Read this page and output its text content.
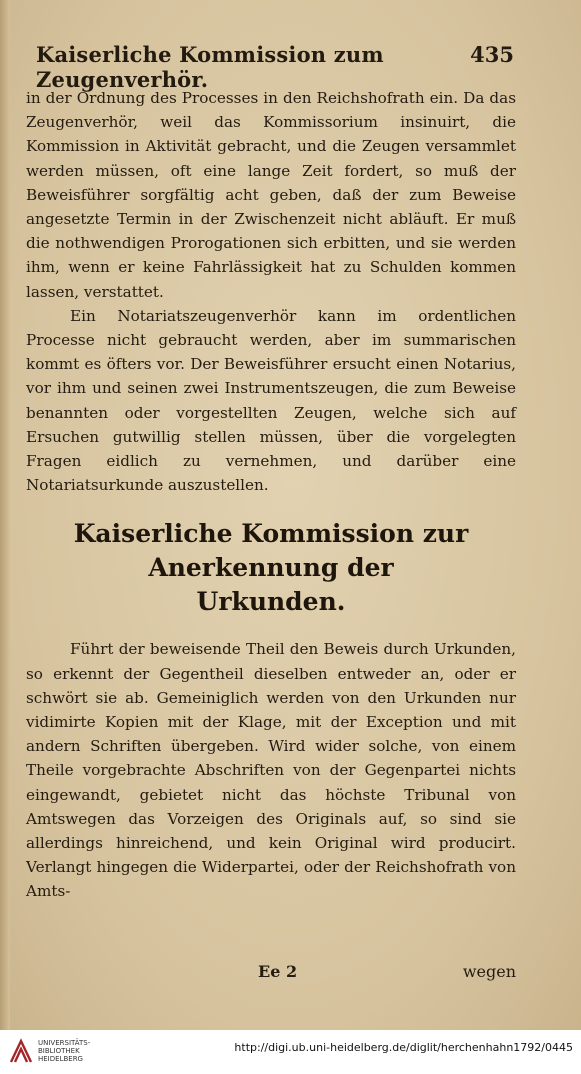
Kaiserliche Kommission zum Zeugenverhör.
435

in der Ordnung des Processes in den Reichshofrath ein. Da das Zeugenverhör, weil das Kommissorium insinuirt, die Kommission in Aktivität gebracht, und die Zeugen versammlet werden müssen, oft eine lange Zeit fordert, so muß der Beweisführer sorgfältig acht geben, daß der zum Beweise angesetzte Termin in der Zwischenzeit nicht abläuft. Er muß die nothwendigen Prorogationen sich erbitten, und sie werden ihm, wenn er keine Fahrlässigkeit hat zu Schulden kommen lassen, verstattet.

Ein Notariatszeugenverhör kann im ordentlichen Processe nicht gebraucht werden, aber im summarischen kommt es öfters vor. Der Beweisführer ersucht einen Notarius, vor ihm und seinen zwei Instrumentszeugen, die zum Beweise benannten oder vorgestellten Zeugen, welche sich auf Ersuchen gutwillig stellen müssen, über die vorgelegten Fragen eidlich zu vernehmen, und darüber eine Notariatsurkunde auszustellen.

Kaiserliche Kommission zur Anerkennung der
Urkunden.

Führt der beweisende Theil den Beweis durch Urkunden, so erkennt der Gegentheil dieselben entweder an, oder er schwört sie ab. Gemeiniglich werden von den Urkunden nur vidimirte Kopien mit der Klage, mit der Exception und mit andern Schriften übergeben. Wird wider solche, von einem Theile vorgebrachte Abschriften von der Gegenpartei nichts eingewandt, gebietet nicht das höchste Tribunal von Amtswegen das Vorzeigen des Originals auf, so sind sie allerdings hinreichend, und kein Original wird producirt. Verlangt hingegen die Widerpartei, oder der Reichshofrath von Amts-

Ee 2	wegen
UNIVERSITÄTS-
BIBLIOTHEK
HEIDELBERG
http://digi.ub.uni-heidelberg.de/diglit/herchenhahn1792/0445
